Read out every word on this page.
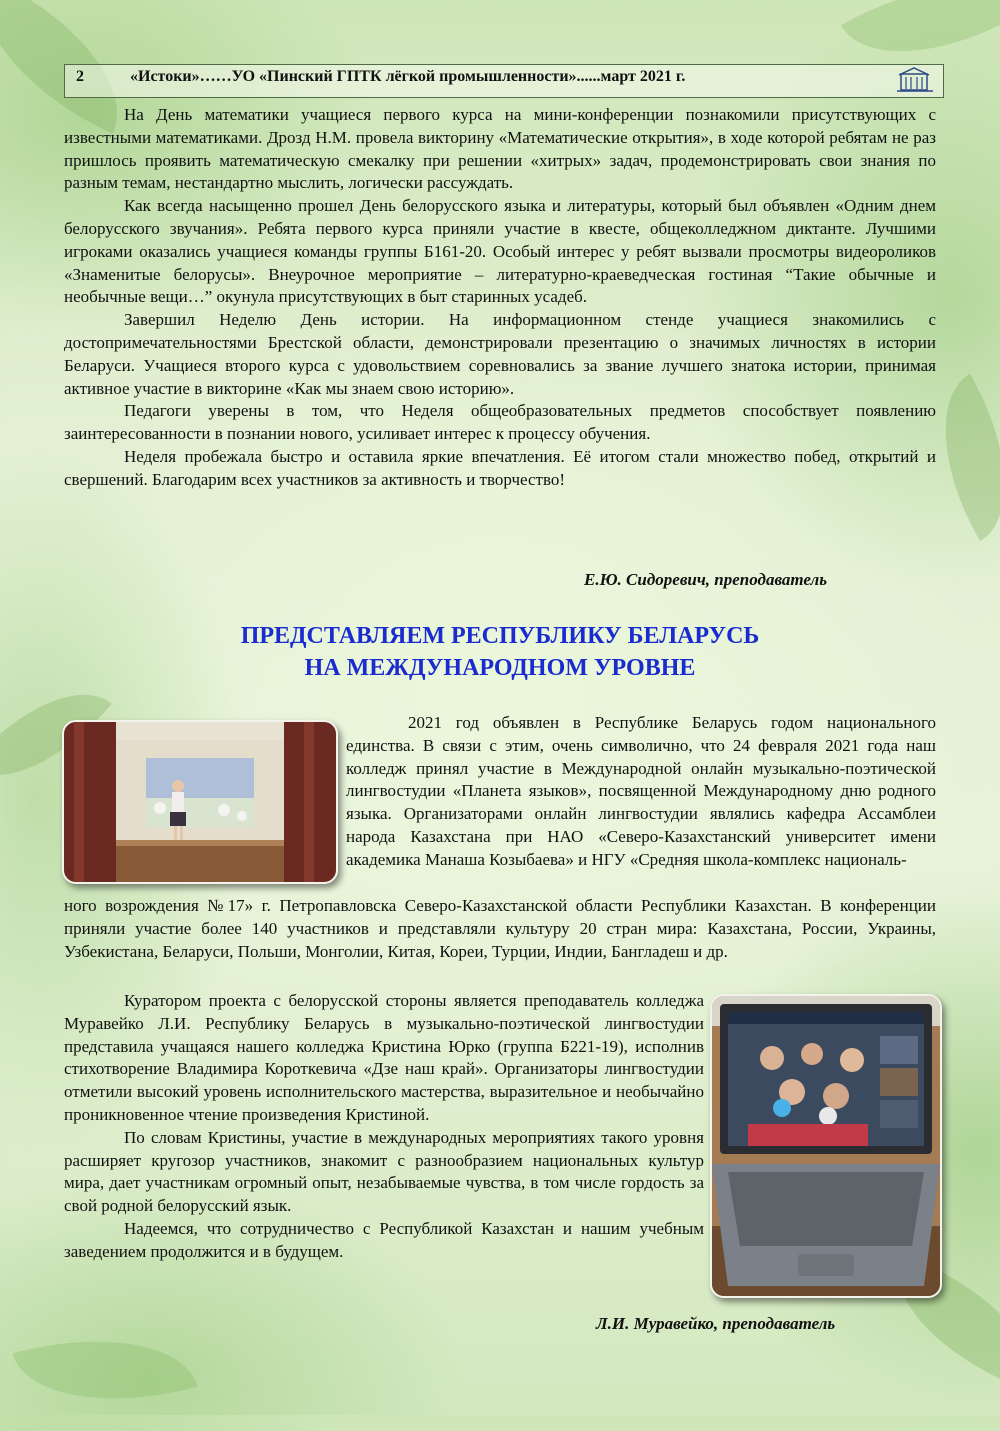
2	«Истоки»……УО «Пинский ГПТК лёгкой промышленности»......март 2021 г.

На День математики учащиеся первого курса на мини-конференции познакомили присутствующих с известными математиками. Дрозд Н.М. провела викторину «Математические открытия», в ходе которой ребятам не раз пришлось проявить математическую смекалку при решении «хитрых» задач, продемонстрировать свои знания по разным темам, нестандартно мыслить, логически рассуждать.

Как всегда насыщенно прошел День белорусского языка и литературы, который был объявлен «Одним днем белорусского звучания». Ребята первого курса приняли участие в квесте, общеколледжном диктанте. Лучшими игроками оказались учащиеся команды группы Б161-20. Особый интерес у ребят вызвали просмотры видеороликов «Знаменитые белорусы». Внеурочное мероприятие – литературно-краеведческая гостиная “Такие обычные и необычные вещи…” окунула присутствующих в быт старинных усадеб.

Завершил Неделю День истории. На информационном стенде учащиеся знакомились с достопримечательностями Брестской области, демонстрировали презентацию о значимых личностях в истории Беларуси. Учащиеся второго курса с удовольствием соревновались за звание лучшего знатока истории, принимая активное участие в викторине «Как мы знаем свою историю».

Педагоги уверены в том, что Неделя общеобразовательных предметов способствует появлению заинтересованности в познании нового, усиливает интерес к процессу обучения.

Неделя пробежала быстро и оставила яркие впечатления. Её итогом стали множество побед, открытий и свершений. Благодарим всех участников за активность и творчество!

Е.Ю. Сидоревич, преподаватель
ПРЕДСТАВЛЯЕМ РЕСПУБЛИКУ БЕЛАРУСЬ
НА МЕЖДУНАРОДНОМ УРОВНЕ

2021 год объявлен в Республике Беларусь годом национального единства. В связи с этим, очень символично, что 24 февраля 2021 года наш колледж принял участие в Международной онлайн музыкально-поэтической лингвостудии «Планета языков», посвященной Международному дню родного языка. Организаторами онлайн лингвостудии являлись кафедра Ассамблеи народа Казахстана при НАО «Северо-Казахстанский университет имени академика Манаша Козыбаева» и НГУ «Средняя школа-комплекс националь-

ного возрождения №17» г. Петропавловска Северо-Казахстанской области Республики Казахстан. В конференции приняли участие более 140 участников и представляли культуру 20 стран мира: Казахстана, России, Украины, Узбекистана, Беларуси, Польши, Монголии, Китая, Кореи, Турции, Индии, Бангладеш и др.

Куратором проекта с белорусской стороны является преподаватель колледжа Муравейко Л.И. Республику Беларусь в музыкально-поэтической лингвостудии представила учащаяся нашего колледжа Кристина Юрко (группа Б221-19), исполнив стихотворение Владимира Короткевича «Дзе наш край». Организаторы лингвостудии отметили высокий уровень исполнительского мастерства, выразительное и необычайно проникновенное чтение произведения Кристиной.

По словам Кристины, участие в международных мероприятиях такого уровня расширяет кругозор участников, знакомит с разнообразием национальных культур мира, дает участникам огромный опыт, незабываемые чувства, в том числе гордость за свой родной белорусский язык.

Надеемся, что сотрудничество с Республикой Казахстан и нашим учебным заведением продолжится и в будущем.

Л.И. Муравейко, преподаватель
